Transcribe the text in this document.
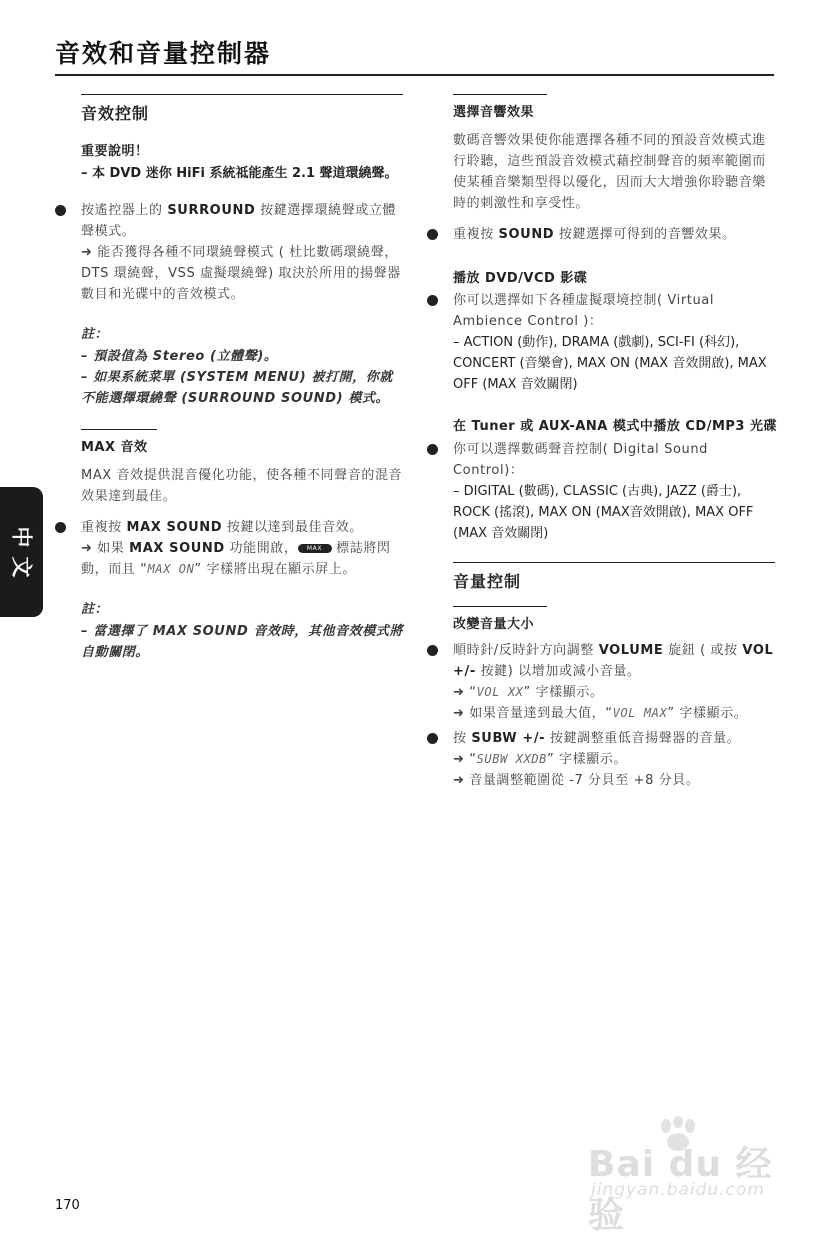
音效和音量控制器
中
文

音效控制

重要說明！

– 本 DVD 迷你 HiFi 系統祗能產生 2.1 聲道環繞聲。

按遙控器上的 SURROUND 按鍵選擇環繞聲或立體聲模式。

➜ 能否獲得各種不同環繞聲模式 ( 杜比數碼環繞聲，DTS 環繞聲，VSS 虛擬環繞聲) 取決於所用的揚聲器數目和光碟中的音效模式。

註：

– 預設值為 Stereo (立體聲)。

– 如果系統菜單 (SYSTEM MENU) 被打開，你就不能選擇環繞聲 (SURROUND SOUND) 模式。

MAX 音效

MAX 音效提供混音優化功能，使各種不同聲音的混音效果達到最佳。

重複按 MAX SOUND 按鍵以達到最佳音效。

➜ 如果 MAX SOUND 功能開啟， MAX 標誌將閃動，而且 “MAX ON” 字樣將出現在顯示屏上。

註：

– 當選擇了 MAX SOUND 音效時，其他音效模式將自動關閉。

選擇音響效果

數碼音響效果使你能選擇各種不同的預設音效模式進行聆聽，這些預設音效模式藉控制聲音的頻率範圍而使某種音樂類型得以優化，因而大大增強你聆聽音樂時的刺激性和享受性。

重複按 SOUND 按鍵選擇可得到的音響效果。

播放 DVD/VCD 影碟

你可以選擇如下各種虛擬環境控制( Virtual Ambience Control )：

– ACTION (動作), DRAMA (戲劇), SCI-FI (科幻), CONCERT (音樂會), MAX ON (MAX 音效開啟), MAX OFF (MAX 音效關閉)

在 Tuner 或 AUX-ANA 模式中播放 CD/MP3 光碟

你可以選擇數碼聲音控制( Digital Sound Control)：

– DIGITAL (數碼), CLASSIC (古典), JAZZ (爵士), ROCK (搖滾), MAX ON (MAX音效開啟), MAX OFF (MAX 音效關閉)

音量控制

改變音量大小

順時針/反時針方向調整 VOLUME 旋鈕 ( 或按 VOL +/- 按鍵) 以增加或減小音量。

➜ “VOL XX” 字樣顯示。

➜ 如果音量達到最大值，“VOL MAX” 字樣顯示。

按 SUBW +/- 按鍵調整重低音揚聲器的音量。

➜ “SUBW XXDB” 字樣顯示。

➜ 音量調整範圍從 -7 分貝至 +8 分貝。

170

Bai du 经验
jingyan.baidu.com
